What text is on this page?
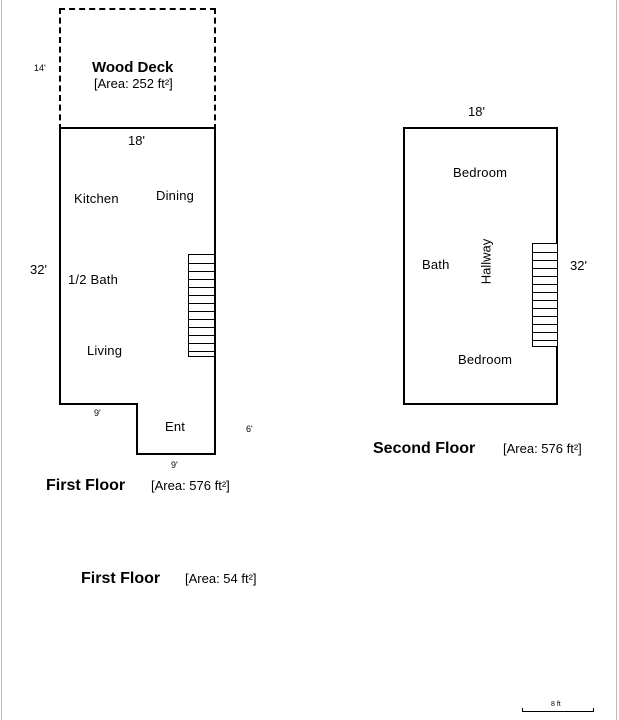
Wood Deck
[Area: 252 ft²]
14'
18'
32'
Kitchen	Dining
1/2 Bath
Living
9'
Ent	6'
9'
First Floor [Area: 576 ft²]
First Floor [Area: 54 ft²]
18'
32'
Bedroom
Bath Hallway
Bedroom
Second Floor [Area: 576 ft²]
8 ft
